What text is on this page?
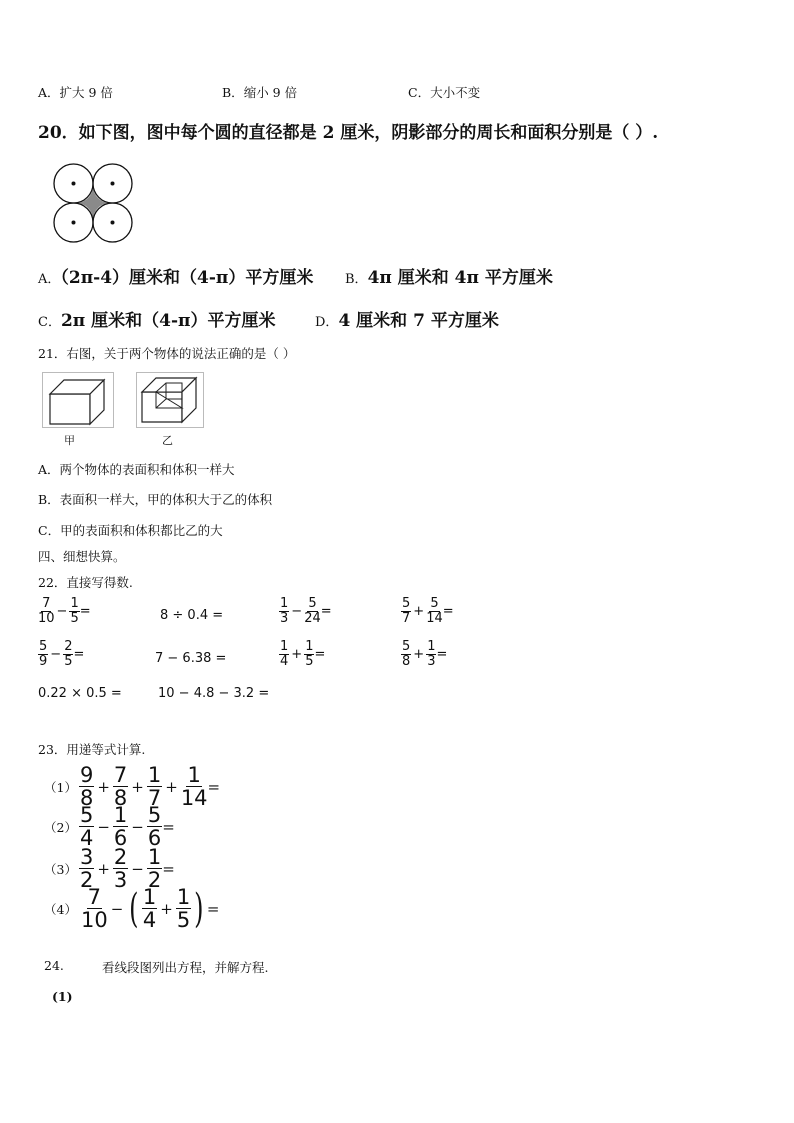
A．扩大 9 倍	B．缩小 9 倍	C．大小不变
20．如下图，图中每个圆的直径都是 2 厘米，阴影部分的周长和面积分别是（ ）.
A．（2π-4）厘米和（4-π）平方厘米 B．4π 厘米和 4π 平方厘米
C．2π 厘米和（4-π）平方厘米	D．4 厘米和 7 平方厘米
21．右图，关于两个物体的说法正确的是（ ）
甲	乙
A．两个物体的表面积和体积一样大
B．表面积一样大，甲的体积大于乙的体积
C．甲的表面积和体积都比乙的大
四、细想快算。
22．直接写得数.
$\frac{7}{10} - \frac{1}{5}$ =	8 ÷ 0.4 =	$\frac{1}{3} - \frac{5}{24}$ =	$\frac{5}{7} + \frac{5}{14}$ =
$\frac{5}{9} - \frac{2}{5}$ =	7 − 6.38 =	$\frac{1}{4} + \frac{1}{5}$ =	$\frac{5}{8} + \frac{1}{3}$ =
0.22 × 0.5 =	10 − 4.8 − 3.2 =
23．用递等式计算.
$(1) \frac{9}{8} + \frac{7}{8} + \frac{1}{7} + \frac{1}{14}$ =
$(2) \frac{5}{4} - \frac{1}{6} - \frac{5}{6}$ =
$(3) \frac{3}{2} + \frac{2}{3} - \frac{1}{2}$ =
$(4) \frac{7}{10}$ − ( $\frac{1}{4} + \frac{1}{5}$ ) =
24.	看线段图列出方程，并解方程.
(1)
